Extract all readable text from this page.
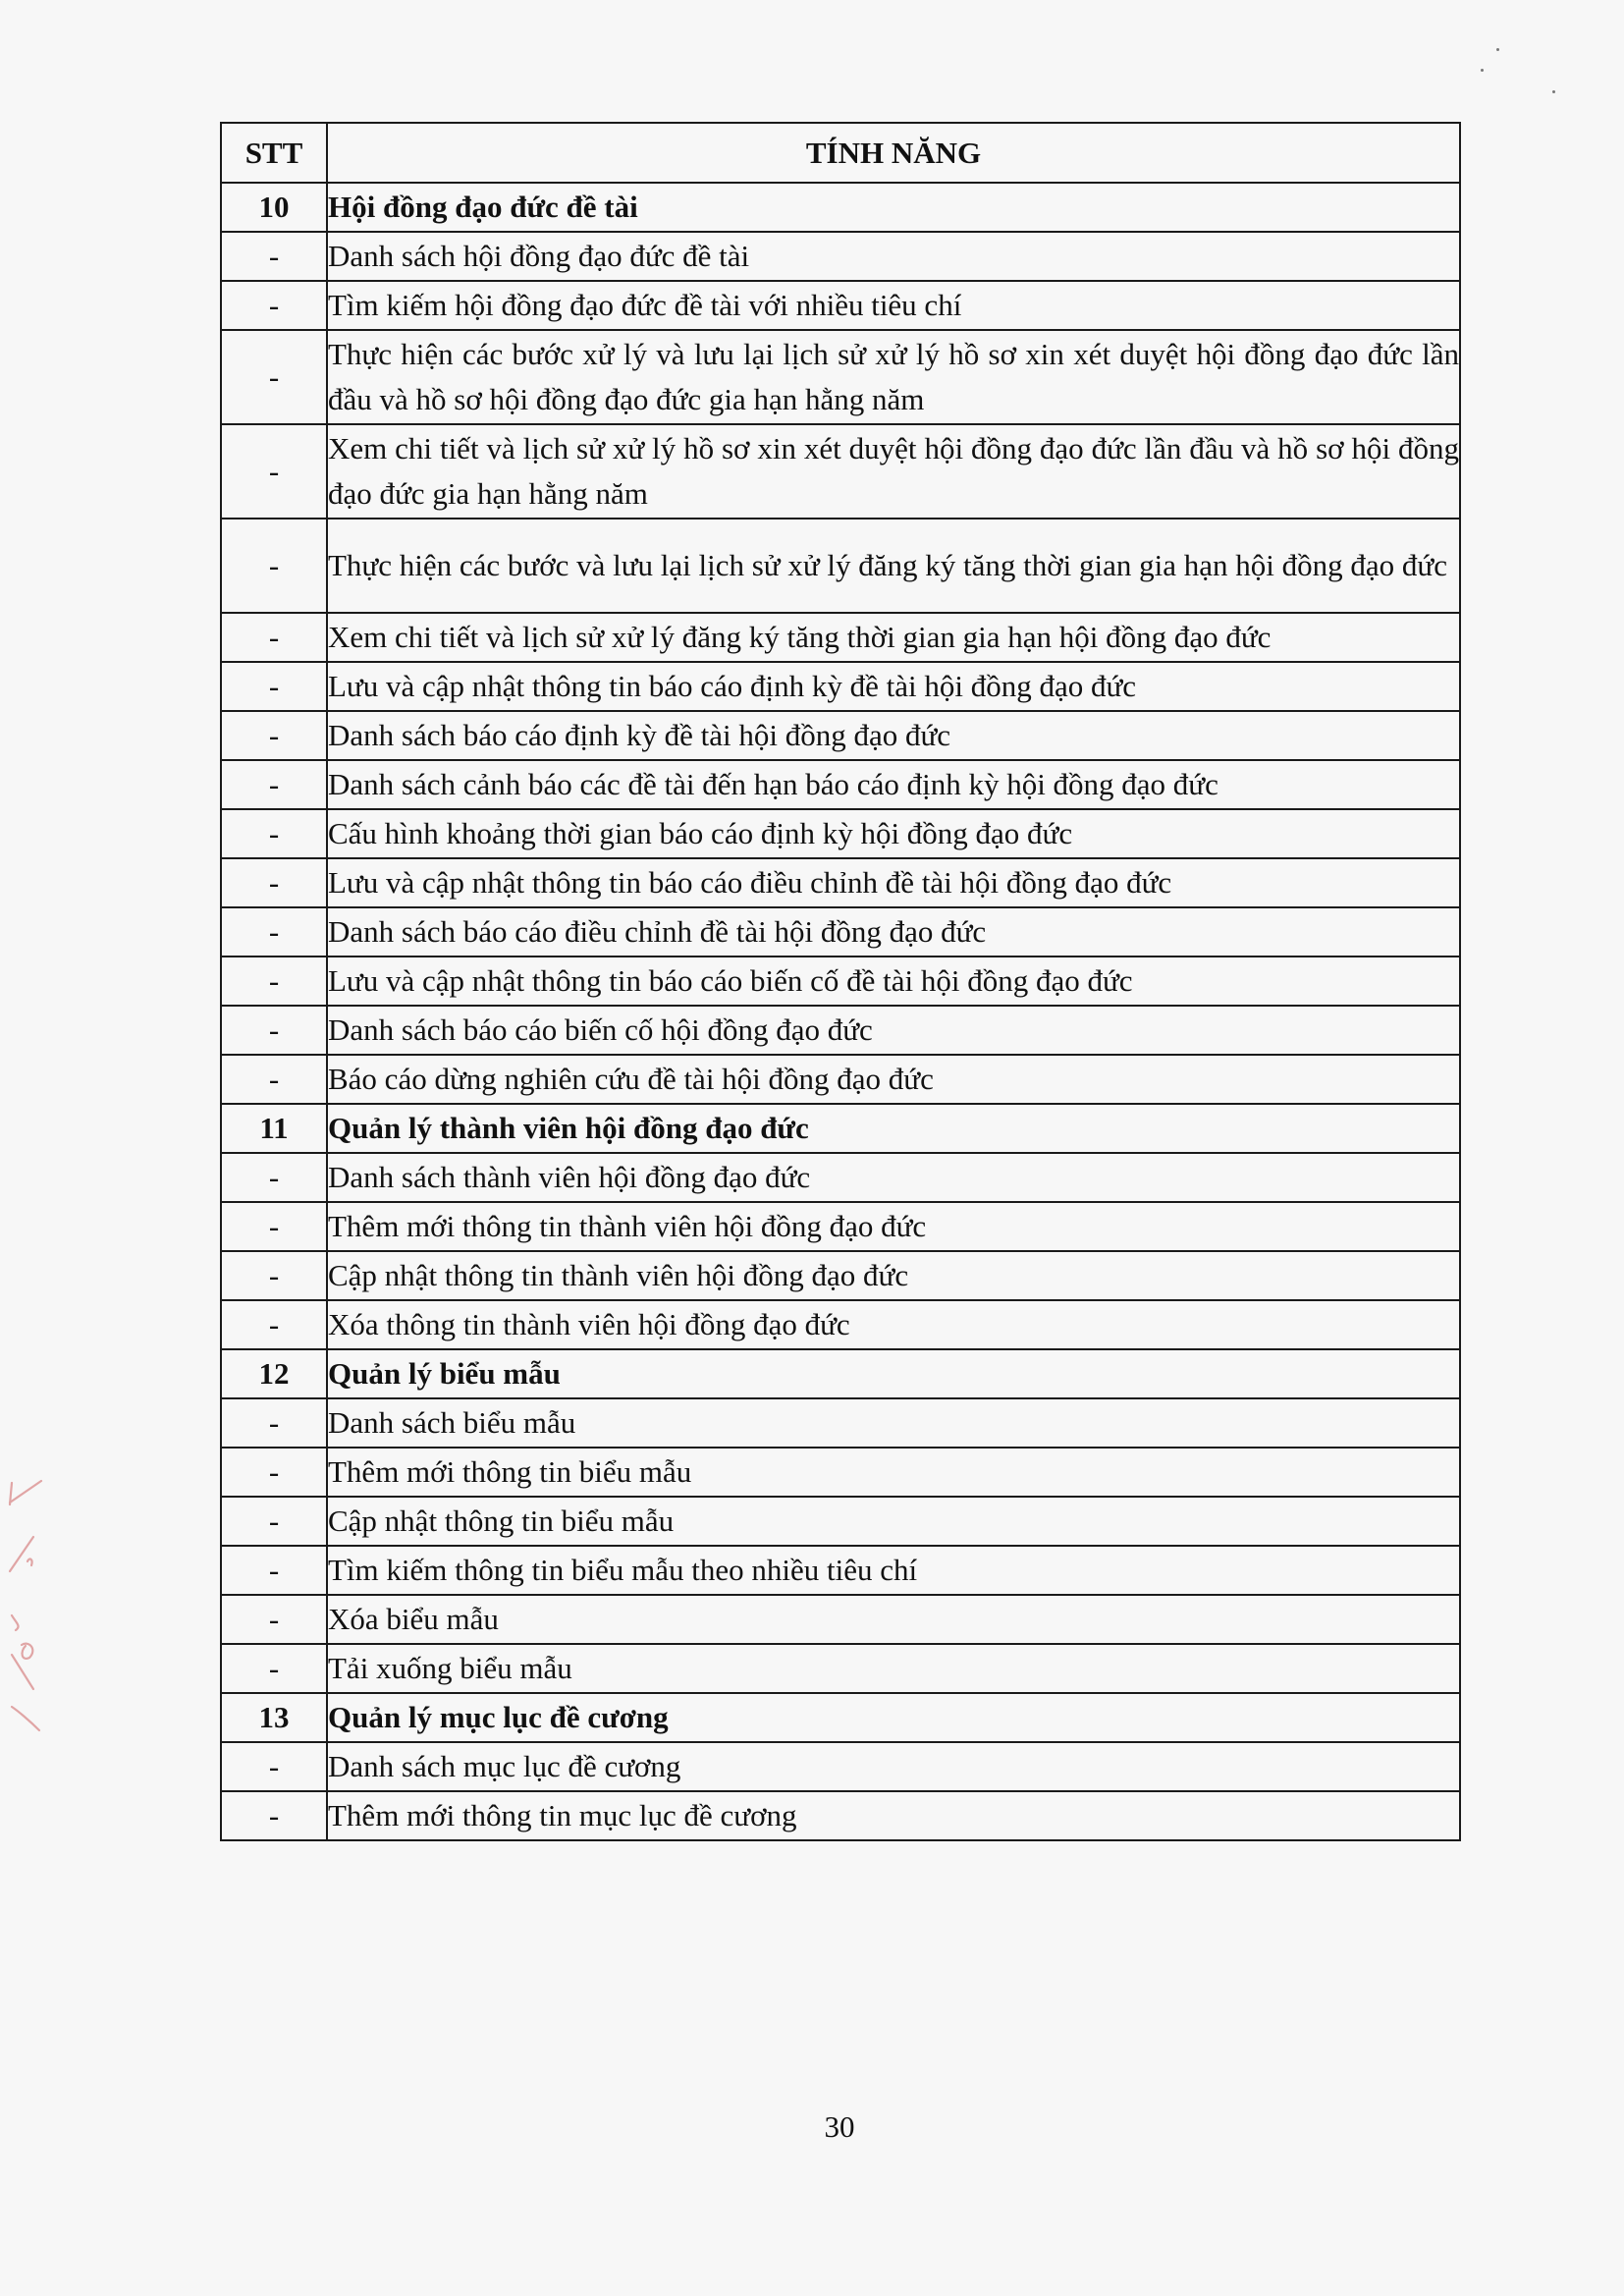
STT	TÍNH NĂNG
10	Hội đồng đạo đức đề tài
-	Danh sách hội đồng đạo đức đề tài
-	Tìm kiếm hội đồng đạo đức đề tài với nhiều tiêu chí
-	Thực hiện các bước xử lý và lưu lại lịch sử xử lý hồ sơ xin xét duyệt hội đồng đạo đức lần đầu và hồ sơ hội đồng đạo đức gia hạn hằng năm
-	Xem chi tiết và lịch sử xử lý hồ sơ xin xét duyệt hội đồng đạo đức lần đầu và hồ sơ hội đồng đạo đức gia hạn hằng năm
-	Thực hiện các bước và lưu lại lịch sử xử lý đăng ký tăng thời gian gia hạn hội đồng đạo đức
-	Xem chi tiết và lịch sử xử lý đăng ký tăng thời gian gia hạn hội đồng đạo đức
-	Lưu và cập nhật thông tin báo cáo định kỳ đề tài hội đồng đạo đức
-	Danh sách báo cáo định kỳ đề tài hội đồng đạo đức
-	Danh sách cảnh báo các đề tài đến hạn báo cáo định kỳ hội đồng đạo đức
-	Cấu hình khoảng thời gian báo cáo định kỳ hội đồng đạo đức
-	Lưu và cập nhật thông tin báo cáo điều chỉnh đề tài hội đồng đạo đức
-	Danh sách báo cáo điều chỉnh đề tài hội đồng đạo đức
-	Lưu và cập nhật thông tin báo cáo biến cố đề tài hội đồng đạo đức
-	Danh sách báo cáo biến cố hội đồng đạo đức
-	Báo cáo dừng nghiên cứu đề tài hội đồng đạo đức
11	Quản lý thành viên hội đồng đạo đức
-	Danh sách thành viên hội đồng đạo đức
-	Thêm mới thông tin thành viên hội đồng đạo đức
-	Cập nhật thông tin thành viên hội đồng đạo đức
-	Xóa thông tin thành viên hội đồng đạo đức
12	Quản lý biểu mẫu
-	Danh sách biểu mẫu
-	Thêm mới thông tin biểu mẫu
-	Cập nhật thông tin biểu mẫu
-	Tìm kiếm thông tin biểu mẫu theo nhiều tiêu chí
-	Xóa biểu mẫu
-	Tải xuống biểu mẫu
13	Quản lý mục lục đề cương
-	Danh sách mục lục đề cương
-	Thêm mới thông tin mục lục đề cương
30
